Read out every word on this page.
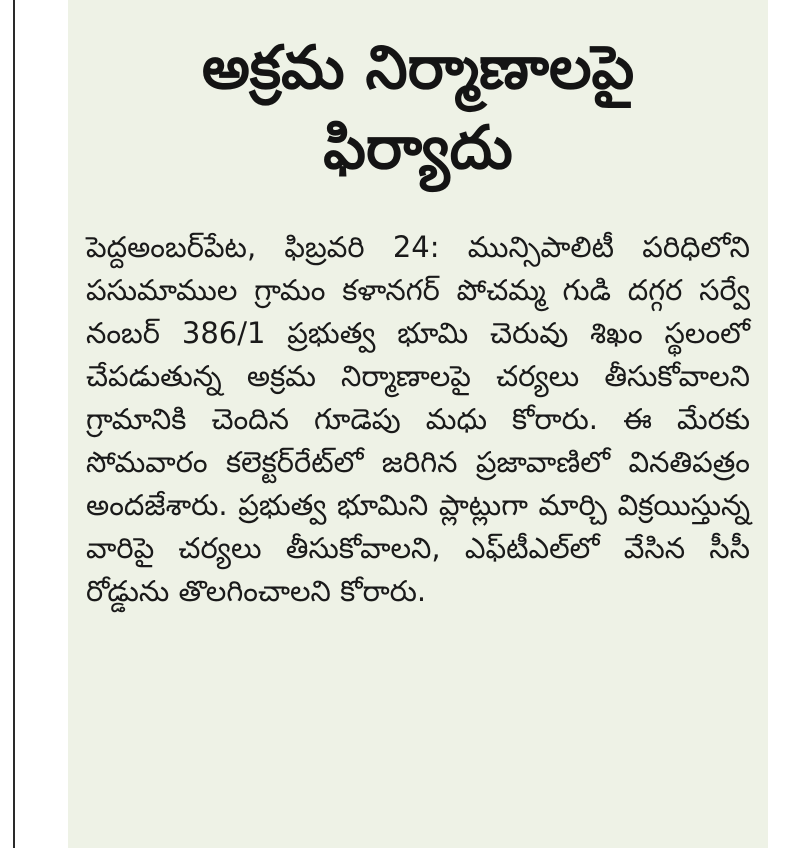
అక్రమ నిర్మాణాలపై
ఫిర్యాదు

పెద్దఅంబర్‌పేట, ఫిబ్రవరి 24: మున్సిపాలిటీ పరిధిలోని పసుమాముల గ్రామం కళానగర్ పోచమ్మ గుడి దగ్గర సర్వే నంబర్ 386/1 ప్రభుత్వ భూమి చెరువు శిఖం స్థలంలో చేపడుతున్న అక్రమ నిర్మాణాలపై చర్యలు తీసుకోవాలని గ్రామానికి చెందిన గూడెపు మధు కోరారు. ఈ మేరకు సోమవారం కలెక్టర్‌రేట్‌లో జరిగిన ప్రజావాణిలో వినతిపత్రం అందజేశారు. ప్రభుత్వ భూమిని ప్లాట్లుగా మార్చి విక్రయిస్తున్న వారిపై చర్యలు తీసుకోవాలని, ఎఫ్‌టీఎల్‌లో వేసిన సీసీ రోడ్డును తొలగించాలని కోరారు.
